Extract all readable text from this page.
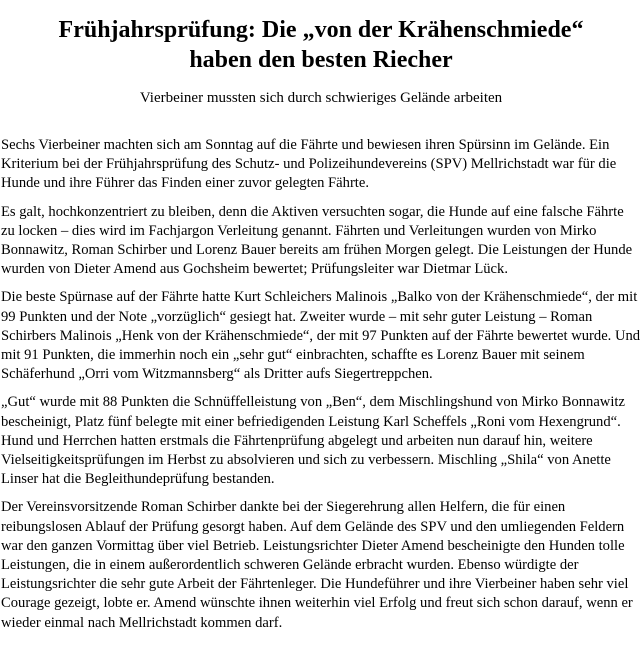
Frühjahrsprüfung: Die „von der Krähenschmiede“
haben den besten Riecher
Vierbeiner mussten sich durch schwieriges Gelände arbeiten

Sechs Vierbeiner machten sich am Sonntag auf die Fährte und bewiesen ihren Spürsinn im Gelände. Ein Kriterium bei der Frühjahrsprüfung des Schutz- und Polizeihundevereins (SPV) Mellrichstadt war für die Hunde und ihre Führer das Finden einer zuvor gelegten Fährte.

Es galt, hochkonzentriert zu bleiben, denn die Aktiven versuchten sogar, die Hunde auf eine falsche Fährte zu locken – dies wird im Fachjargon Verleitung genannt. Fährten und Verleitungen wurden von Mirko Bonnawitz, Roman Schirber und Lorenz Bauer bereits am frühen Morgen gelegt. Die Leistungen der Hunde wurden von Dieter Amend aus Gochsheim bewertet; Prüfungsleiter war Dietmar Lück.

Die beste Spürnase auf der Fährte hatte Kurt Schleichers Malinois „Balko von der Krähenschmiede“, der mit 99 Punkten und der Note „vorzüglich“ gesiegt hat. Zweiter wurde – mit sehr guter Leistung – Roman Schirbers Malinois „Henk von der Krähenschmiede“, der mit 97 Punkten auf der Fährte bewertet wurde. Und mit 91 Punkten, die immerhin noch ein „sehr gut“ einbrachten, schaffte es Lorenz Bauer mit seinem Schäferhund „Orri vom Witzmannsberg“ als Dritter aufs Siegertreppchen.

„Gut“ wurde mit 88 Punkten die Schnüffelleistung von „Ben“, dem Mischlingshund von Mirko Bonnawitz bescheinigt, Platz fünf belegte mit einer befriedigenden Leistung Karl Scheffels „Roni vom Hexengrund“. Hund und Herrchen hatten erstmals die Fährtenprüfung abgelegt und arbeiten nun darauf hin, weitere Vielseitigkeitsprüfungen im Herbst zu absolvieren und sich zu verbessern. Mischling „Shila“ von Anette Linser hat die Begleithundeprüfung bestanden.

Der Vereinsvorsitzende Roman Schirber dankte bei der Siegerehrung allen Helfern, die für einen reibungslosen Ablauf der Prüfung gesorgt haben. Auf dem Gelände des SPV und den umliegenden Feldern war den ganzen Vormittag über viel Betrieb. Leistungsrichter Dieter Amend bescheinigte den Hunden tolle Leistungen, die in einem außerordentlich schweren Gelände erbracht wurden. Ebenso würdigte der Leistungsrichter die sehr gute Arbeit der Fährtenleger. Die Hundeführer und ihre Vierbeiner haben sehr viel Courage gezeigt, lobte er. Amend wünschte ihnen weiterhin viel Erfolg und freut sich schon darauf, wenn er wieder einmal nach Mellrichstadt kommen darf.
